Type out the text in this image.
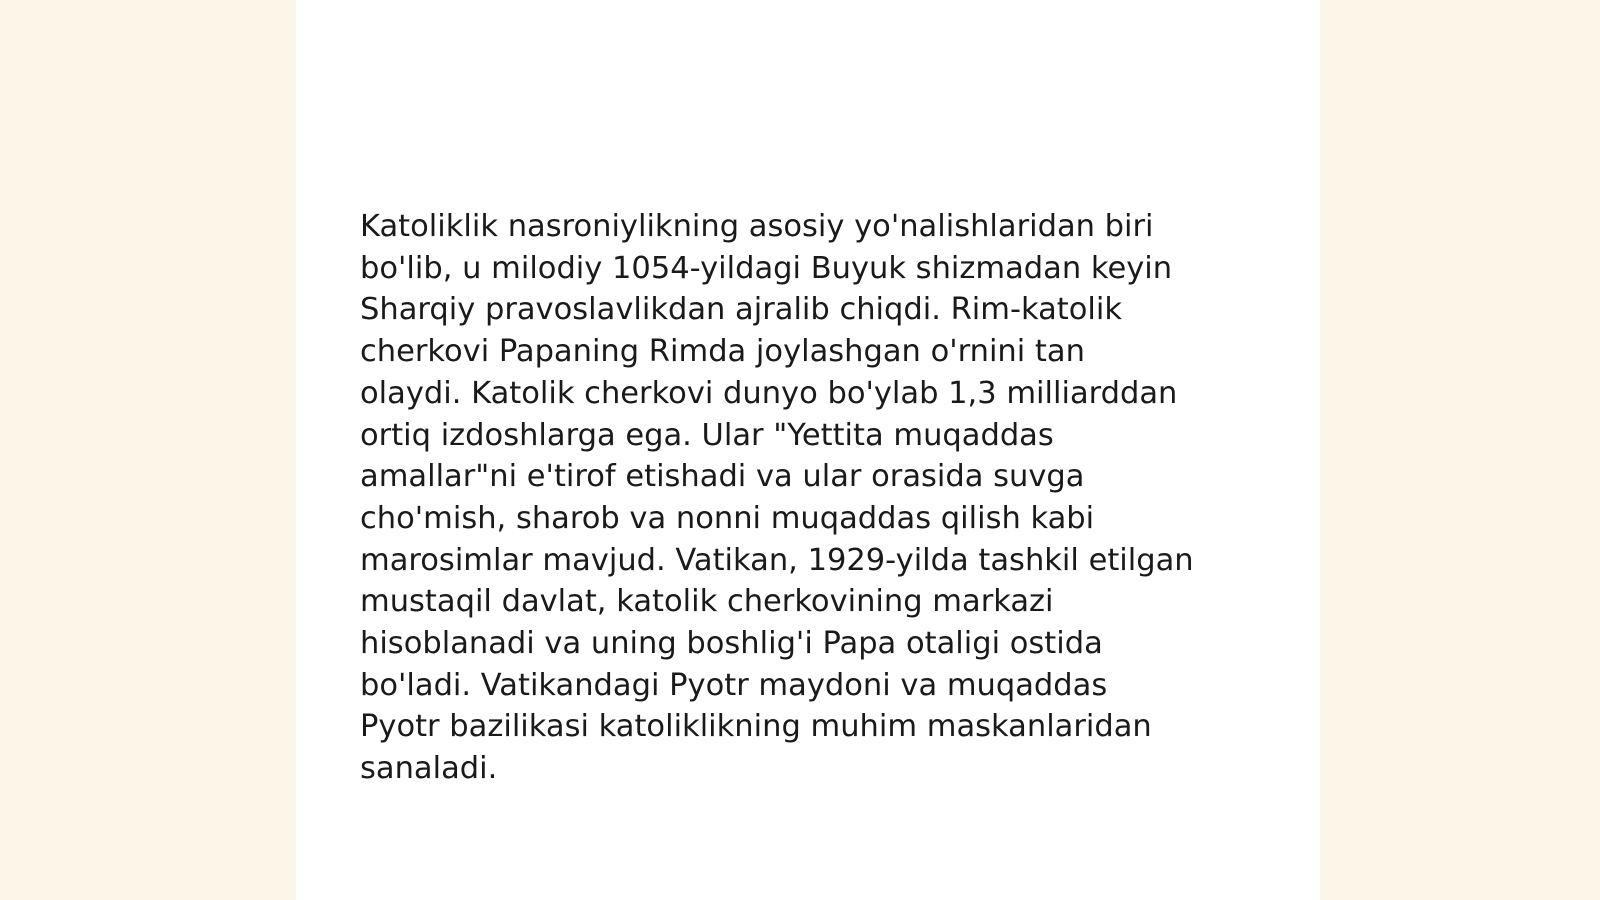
Katoliklik nasroniylikning asosiy yo'nalishlaridan biri
bo'lib, u milodiy 1054-yildagi Buyuk shizmadan keyin
Sharqiy pravoslavlikdan ajralib chiqdi. Rim-katolik
cherkovi Papaning Rimda joylashgan o'rnini tan
olaydi. Katolik cherkovi dunyo bo'ylab 1,3 milliarddan
ortiq izdoshlarga ega. Ular "Yettita muqaddas
amallar"ni e'tirof etishadi va ular orasida suvga
cho'mish, sharob va nonni muqaddas qilish kabi
marosimlar mavjud. Vatikan, 1929-yilda tashkil etilgan
mustaqil davlat, katolik cherkovining markazi
hisoblanadi va uning boshlig'i Papa otaligi ostida
bo'ladi. Vatikandagi Pyotr maydoni va muqaddas
Pyotr bazilikasi katoliklikning muhim maskanlaridan
sanaladi.
